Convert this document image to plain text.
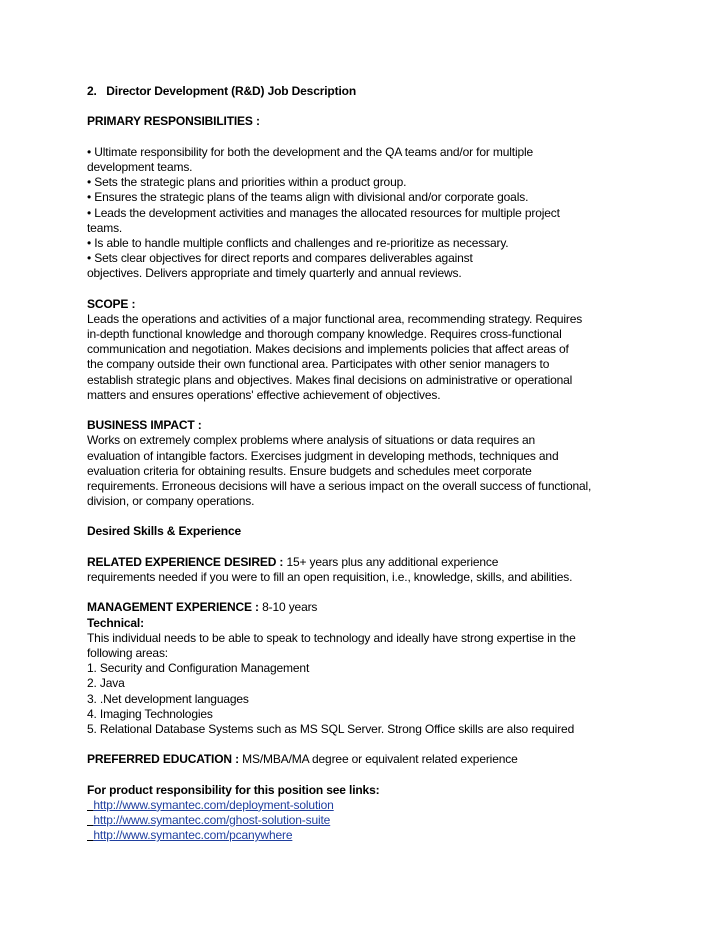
2.   Director Development (R&D) Job Description
PRIMARY RESPONSIBILITIES :
• Ultimate responsibility for both the development and the QA teams and/or for multiple
development teams.
• Sets the strategic plans and priorities within a product group.
• Ensures the strategic plans of the teams align with divisional and/or corporate goals.
• Leads the development activities and manages the allocated resources for multiple project
teams.
• Is able to handle multiple conflicts and challenges and re-prioritize as necessary.
• Sets clear objectives for direct reports and compares deliverables against
objectives. Delivers appropriate and timely quarterly and annual reviews.
SCOPE :
Leads the operations and activities of a major functional area, recommending strategy. Requires
in-depth functional knowledge and thorough company knowledge. Requires cross-functional
communication and negotiation. Makes decisions and implements policies that affect areas of
the company outside their own functional area. Participates with other senior managers to
establish strategic plans and objectives. Makes final decisions on administrative or operational
matters and ensures operations' effective achievement of objectives.
BUSINESS IMPACT :
Works on extremely complex problems where analysis of situations or data requires an
evaluation of intangible factors. Exercises judgment in developing methods, techniques and
evaluation criteria for obtaining results. Ensure budgets and schedules meet corporate
requirements. Erroneous decisions will have a serious impact on the overall success of functional,
division, or company operations.
Desired Skills & Experience
RELATED EXPERIENCE DESIRED : 15+ years plus any additional experience
requirements needed if you were to fill an open requisition, i.e., knowledge, skills, and abilities.
MANAGEMENT EXPERIENCE : 8-10 years
Technical:
This individual needs to be able to speak to technology and ideally have strong expertise in the
following areas:
1. Security and Configuration Management
2. Java
3. .Net development languages
4. Imaging Technologies
5. Relational Database Systems such as MS SQL Server. Strong Office skills are also required
PREFERRED EDUCATION : MS/MBA/MA degree or equivalent related experience
For product responsibility for this position see links:
http://www.symantec.com/deployment-solution
http://www.symantec.com/ghost-solution-suite
http://www.symantec.com/pcanywhere
